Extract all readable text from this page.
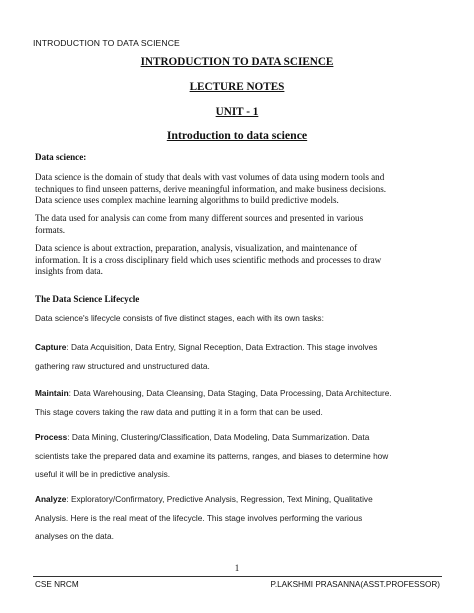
INTRODUCTION TO DATA SCIENCE
INTRODUCTION TO DATA SCIENCE
LECTURE NOTES
UNIT - 1
Introduction to data science
Data science:
Data science is the domain of study that deals with vast volumes of data using modern tools and
techniques to find unseen patterns, derive meaningful information, and make business decisions.
Data science uses complex machine learning algorithms to build predictive models.
The data used for analysis can come from many different sources and presented in various
formats.
Data science is about extraction, preparation, analysis, visualization, and maintenance of
information. It is a cross disciplinary field which uses scientific methods and processes to draw
insights from data.
The Data Science Lifecycle
Data science's lifecycle consists of five distinct stages, each with its own tasks:
Capture: Data Acquisition, Data Entry, Signal Reception, Data Extraction. This stage involves
gathering raw structured and unstructured data.
Maintain: Data Warehousing, Data Cleansing, Data Staging, Data Processing, Data Architecture.
This stage covers taking the raw data and putting it in a form that can be used.
Process: Data Mining, Clustering/Classification, Data Modeling, Data Summarization. Data
scientists take the prepared data and examine its patterns, ranges, and biases to determine how
useful it will be in predictive analysis.
Analyze: Exploratory/Confirmatory, Predictive Analysis, Regression, Text Mining, Qualitative
Analysis. Here is the real meat of the lifecycle. This stage involves performing the various
analyses on the data.
1
CSE NRCM	P.LAKSHMI PRASANNA(ASST.PROFESSOR)
